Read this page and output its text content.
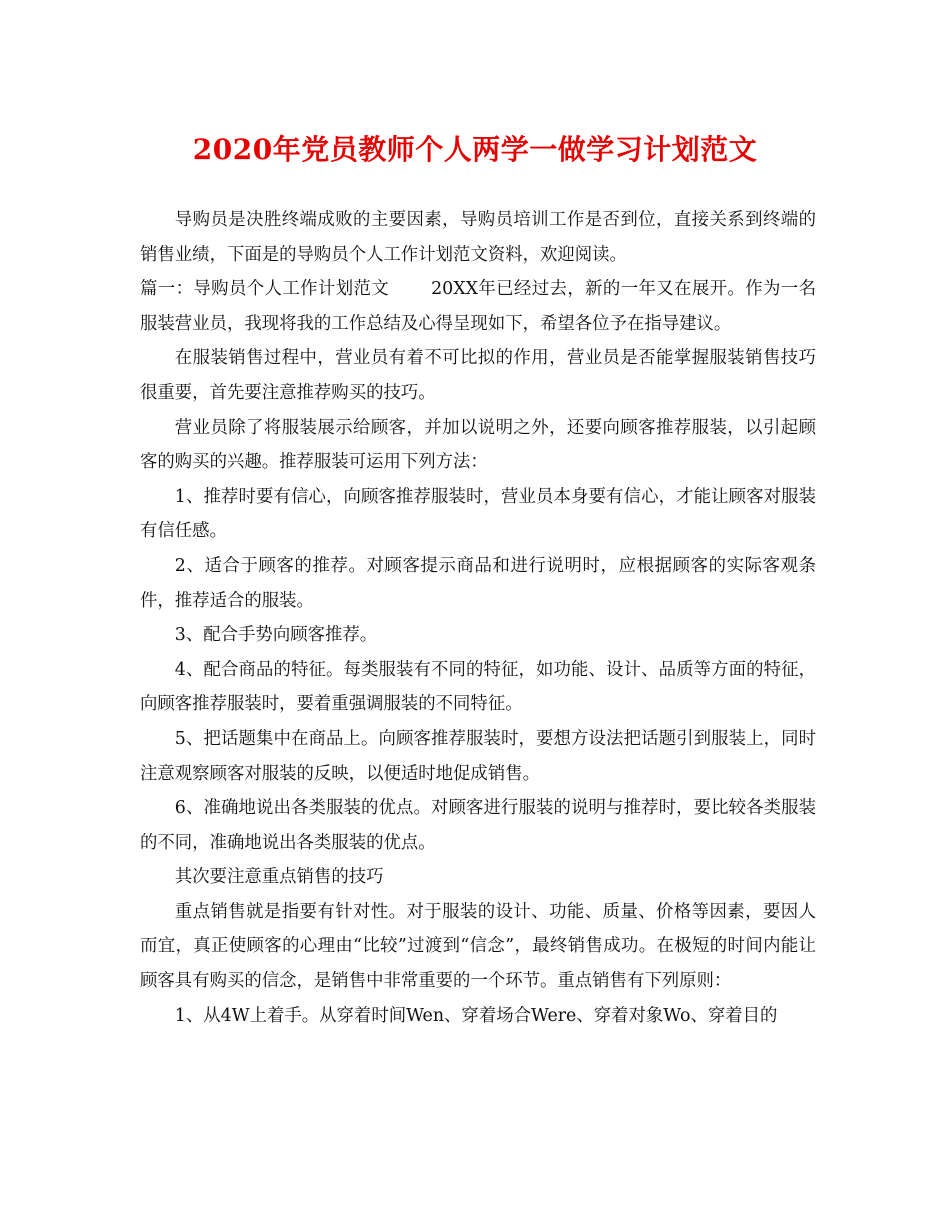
2020年党员教师个人两学一做学习计划范文

导购员是决胜终端成败的主要因素，导购员培训工作是否到位，直接关系到终端的销售业绩，下面是的导购员个人工作计划范文资料，欢迎阅读。

篇一：导购员个人工作计划范文 20XX年已经过去，新的一年又在展开。作为一名服装营业员，我现将我的工作总结及心得呈现如下，希望各位予在指导建议。

在服装销售过程中，营业员有着不可比拟的作用，营业员是否能掌握服装销售技巧很重要，首先要注意推荐购买的技巧。

营业员除了将服装展示给顾客，并加以说明之外，还要向顾客推荐服装，以引起顾客的购买的兴趣。推荐服装可运用下列方法：

1、推荐时要有信心，向顾客推荐服装时，营业员本身要有信心，才能让顾客对服装有信任感。

2、适合于顾客的推荐。对顾客提示商品和进行说明时，应根据顾客的实际客观条件，推荐适合的服装。

3、配合手势向顾客推荐。

4、配合商品的特征。每类服装有不同的特征，如功能、设计、品质等方面的特征，向顾客推荐服装时，要着重强调服装的不同特征。

5、把话题集中在商品上。向顾客推荐服装时，要想方设法把话题引到服装上，同时注意观察顾客对服装的反映，以便适时地促成销售。

6、准确地说出各类服装的优点。对顾客进行服装的说明与推荐时，要比较各类服装的不同，准确地说出各类服装的优点。

其次要注意重点销售的技巧

重点销售就是指要有针对性。对于服装的设计、功能、质量、价格等因素，要因人而宜，真正使顾客的心理由“比较”过渡到“信念”，最终销售成功。在极短的时间内能让顾客具有购买的信念，是销售中非常重要的一个环节。重点销售有下列原则：

1、从4W上着手。从穿着时间Wen、穿着场合Were、穿着对象Wo、穿着目的
